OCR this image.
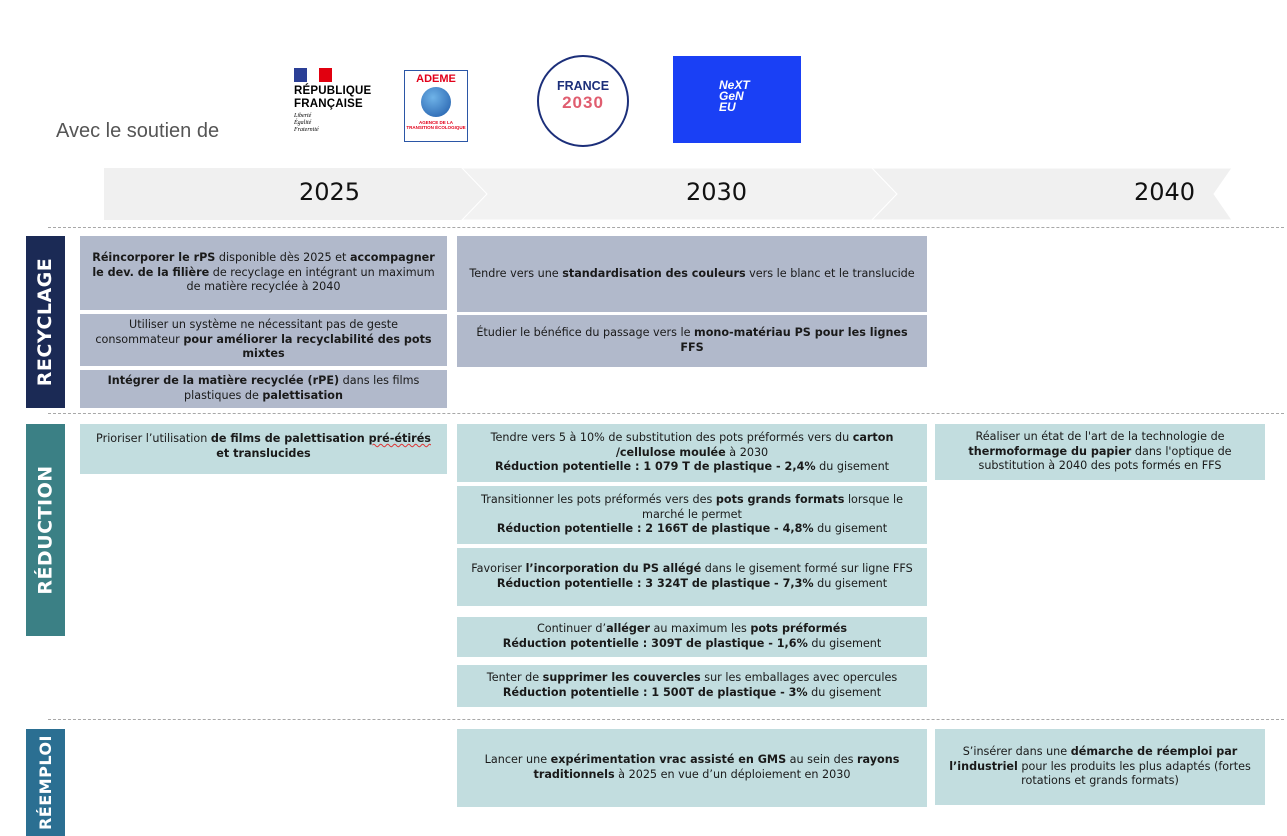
Avec le soutien de
RÉPUBLIQUE
FRANÇAISE
Liberté
Égalité
Fraternité
ADEME
AGENCE DE LA TRANSITION ÉCOLOGIQUE
FRANCE
2030
NeXT
GeN
EU
2025	2030	2040
RECYCLAGE
RÉDUCTION
RÉEMPLOI
Réincorporer le rPS disponible dès 2025 et accompagner le dev. de la filière de recyclage en intégrant un maximum de matière recyclée à 2040
Utiliser un système ne nécessitant pas de geste consommateur pour améliorer la recyclabilité des pots mixtes
Intégrer de la matière recyclée (rPE) dans les films plastiques de palettisation
Tendre vers une standardisation des couleurs vers le blanc et le translucide
Étudier le bénéfice du passage vers le mono-matériau PS pour les lignes FFS
Prioriser l’utilisation de films de palettisation pré-étirés et translucides
Tendre vers 5 à 10% de substitution des pots préformés vers du carton /cellulose moulée à 2030
Réduction potentielle : 1 079 T de plastique - 2,4% du gisement
Transitionner les pots préformés vers des pots grands formats lorsque le marché le permet
Réduction potentielle : 2 166T de plastique - 4,8% du gisement
Favoriser l’incorporation du PS allégé dans le gisement formé sur ligne FFS
Réduction potentielle : 3 324T de plastique - 7,3% du gisement
Continuer d’alléger au maximum les pots préformés
Réduction potentielle : 309T de plastique - 1,6% du gisement
Tenter de supprimer les couvercles sur les emballages avec opercules
Réduction potentielle : 1 500T de plastique - 3% du gisement
Réaliser un état de l'art de la technologie de thermoformage du papier dans l'optique de substitution à 2040 des pots formés en FFS
Lancer une expérimentation vrac assisté en GMS au sein des rayons traditionnels à 2025 en vue d’un déploiement en 2030
S’insérer dans une démarche de réemploi par l’industriel pour les produits les plus adaptés (fortes rotations et grands formats)
